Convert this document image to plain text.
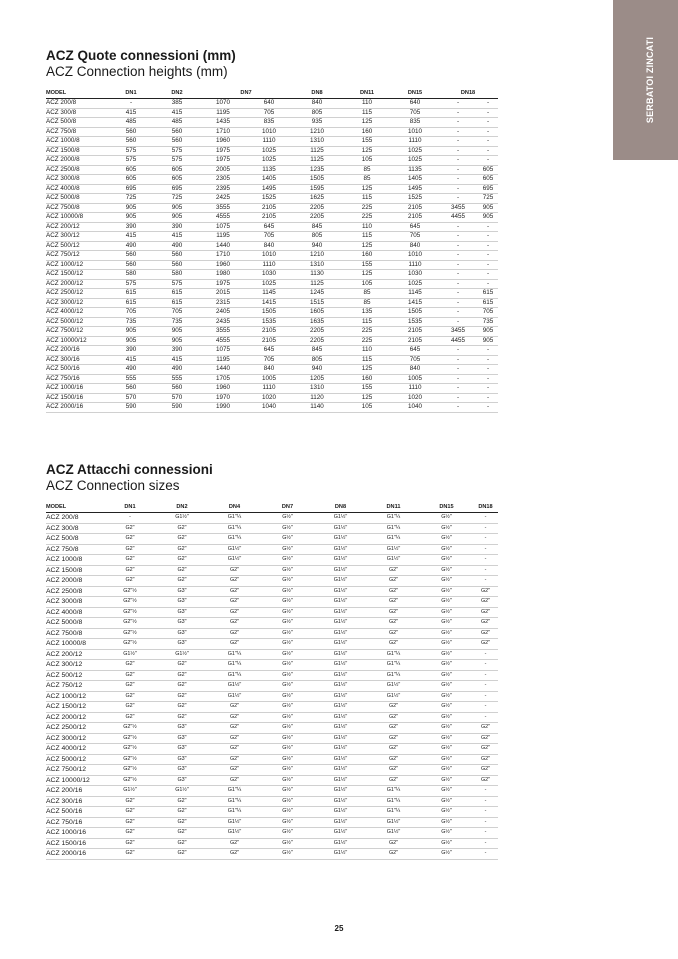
SERBATOI ZINCATI
ACZ Quote connessioni (mm)
ACZ Connection heights (mm)
MODEL	DN1	DN2	DN7		DN8	DN11	DN15	DN18	
ACZ 200/8	-	385	1070	640	840	110	640	-	-
ACZ 300/8	415	415	1195	705	805	115	705	-	-
ACZ 500/8	485	485	1435	835	935	125	835	-	-
ACZ 750/8	560	560	1710	1010	1210	160	1010	-	-
ACZ 1000/8	560	560	1960	1110	1310	155	1110	-	-
ACZ 1500/8	575	575	1975	1025	1125	125	1025	-	-
ACZ 2000/8	575	575	1975	1025	1125	105	1025	-	-
ACZ 2500/8	605	605	2005	1135	1235	85	1135	-	605
ACZ 3000/8	605	605	2305	1405	1505	85	1405	-	605
ACZ 4000/8	695	695	2395	1495	1595	125	1495	-	695
ACZ 5000/8	725	725	2425	1525	1625	115	1525	-	725
ACZ 7500/8	905	905	3555	2105	2205	225	2105	3455	905
ACZ 10000/8	905	905	4555	2105	2205	225	2105	4455	905
ACZ 200/12	390	390	1075	645	845	110	645	-	-
ACZ 300/12	415	415	1195	705	805	115	705	-	-
ACZ 500/12	490	490	1440	840	940	125	840	-	-
ACZ 750/12	560	560	1710	1010	1210	160	1010	-	-
ACZ 1000/12	560	560	1960	1110	1310	155	1110	-	-
ACZ 1500/12	580	580	1980	1030	1130	125	1030	-	-
ACZ 2000/12	575	575	1975	1025	1125	105	1025	-	-
ACZ 2500/12	615	615	2015	1145	1245	85	1145	-	615
ACZ 3000/12	615	615	2315	1415	1515	85	1415	-	615
ACZ 4000/12	705	705	2405	1505	1605	135	1505	-	705
ACZ 5000/12	735	735	2435	1535	1635	115	1535	-	735
ACZ 7500/12	905	905	3555	2105	2205	225	2105	3455	905
ACZ 10000/12	905	905	4555	2105	2205	225	2105	4455	905
ACZ 200/16	390	390	1075	645	845	110	645	-	-
ACZ 300/16	415	415	1195	705	805	115	705	-	-
ACZ 500/16	490	490	1440	840	940	125	840	-	-
ACZ 750/16	555	555	1705	1005	1205	160	1005	-	-
ACZ 1000/16	560	560	1960	1110	1310	155	1110	-	-
ACZ 1500/16	570	570	1970	1020	1120	125	1020	-	-
ACZ 2000/16	590	590	1990	1040	1140	105	1040	-	-
ACZ Attacchi connessioni
ACZ Connection sizes
MODEL	DN1	DN2	DN4	DN7	DN8	DN11	DN15	DN18
ACZ 200/8	-	G1½"	G1"¼	G½"	G1½"	G1"¼	G½"	-
ACZ 300/8	G2"	G2"	G1"¼	G½"	G1½"	G1"¼	G½"	-
ACZ 500/8	G2"	G2"	G1"¼	G½"	G1½"	G1"¼	G½"	-
ACZ 750/8	G2"	G2"	G1½"	G½"	G1½"	G1½"	G½"	-
ACZ 1000/8	G2"	G2"	G1½"	G½"	G1½"	G1½"	G½"	-
ACZ 1500/8	G2"	G2"	G2"	G½"	G1½"	G2"	G½"	-
ACZ 2000/8	G2"	G2"	G2"	G½"	G1½"	G2"	G½"	-
ACZ 2500/8	G2"½	G3"	G2"	G½"	G1½"	G2"	G½"	G2"
ACZ 3000/8	G2"½	G3"	G2"	G½"	G1½"	G2"	G½"	G2"
ACZ 4000/8	G2"½	G3"	G2"	G½"	G1½"	G2"	G½"	G2"
ACZ 5000/8	G2"½	G3"	G2"	G½"	G1½"	G2"	G½"	G2"
ACZ 7500/8	G2"½	G3"	G2"	G½"	G1½"	G2"	G½"	G2"
ACZ 10000/8	G2"½	G3"	G2"	G½"	G1½"	G2"	G½"	G2"
ACZ 200/12	G1½"	G1½"	G1"¼	G½"	G1½"	G1"¼	G½"	-
ACZ 300/12	G2"	G2"	G1"¼	G½"	G1½"	G1"¼	G½"	-
ACZ 500/12	G2"	G2"	G1"¼	G½"	G1½"	G1"¼	G½"	-
ACZ 750/12	G2"	G2"	G1½"	G½"	G1½"	G1½"	G½"	-
ACZ 1000/12	G2"	G2"	G1½"	G½"	G1½"	G1½"	G½"	-
ACZ 1500/12	G2"	G2"	G2"	G½"	G1½"	G2"	G½"	-
ACZ 2000/12	G2"	G2"	G2"	G½"	G1½"	G2"	G½"	-
ACZ 2500/12	G2"½	G3"	G2"	G½"	G1½"	G2"	G½"	G2"
ACZ 3000/12	G2"½	G3"	G2"	G½"	G1½"	G2"	G½"	G2"
ACZ 4000/12	G2"½	G3"	G2"	G½"	G1½"	G2"	G½"	G2"
ACZ 5000/12	G2"½	G3"	G2"	G½"	G1½"	G2"	G½"	G2"
ACZ 7500/12	G2"½	G3"	G2"	G½"	G1½"	G2"	G½"	G2"
ACZ 10000/12	G2"½	G3"	G2"	G½"	G1½"	G2"	G½"	G2"
ACZ 200/16	G1½"	G1½"	G1"¼	G½"	G1½"	G1"¼	G½"	-
ACZ 300/16	G2"	G2"	G1"¼	G½"	G1½"	G1"¼	G½"	-
ACZ 500/16	G2"	G2"	G1"¼	G½"	G1½"	G1"¼	G½"	-
ACZ 750/16	G2"	G2"	G1½"	G½"	G1½"	G1½"	G½"	-
ACZ 1000/16	G2"	G2"	G1½"	G½"	G1½"	G1½"	G½"	-
ACZ 1500/16	G2"	G2"	G2"	G½"	G1½"	G2"	G½"	-
ACZ 2000/16	G2"	G2"	G2"	G½"	G1½"	G2"	G½"	-
25
